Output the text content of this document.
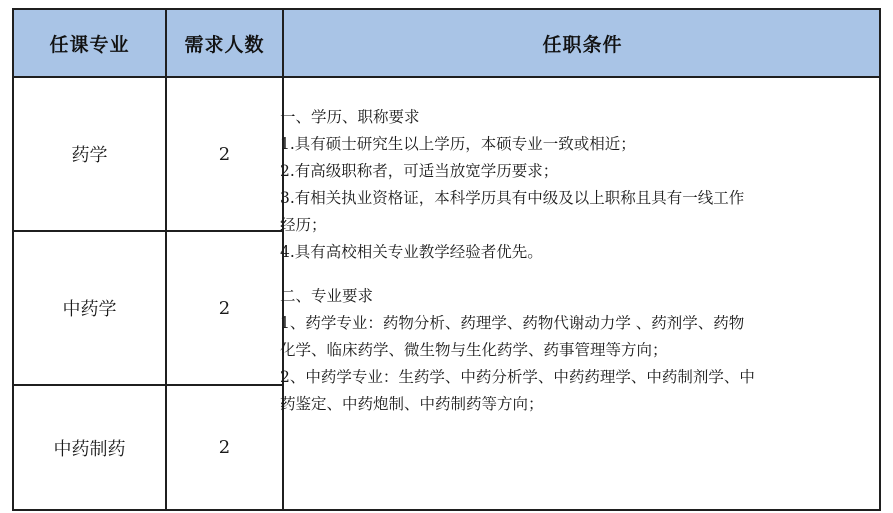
任课专业	需求人数	任职条件
药学	2
中药学	2
中药制药	2
一、学历、职称要求
1.具有硕士研究生以上学历，本硕专业一致或相近；
2.有高级职称者，可适当放宽学历要求；
3.有相关执业资格证，本科学历具有中级及以上职称且具有一线工作
经历；
4.具有高校相关专业教学经验者优先。
二、专业要求
1、药学专业：药物分析、药理学、药物代谢动力学 、药剂学、药物
化学、临床药学、微生物与生化药学、药事管理等方向；
2、中药学专业：生药学、中药分析学、中药药理学、中药制剂学、中
药鉴定、中药炮制、中药制药等方向；
